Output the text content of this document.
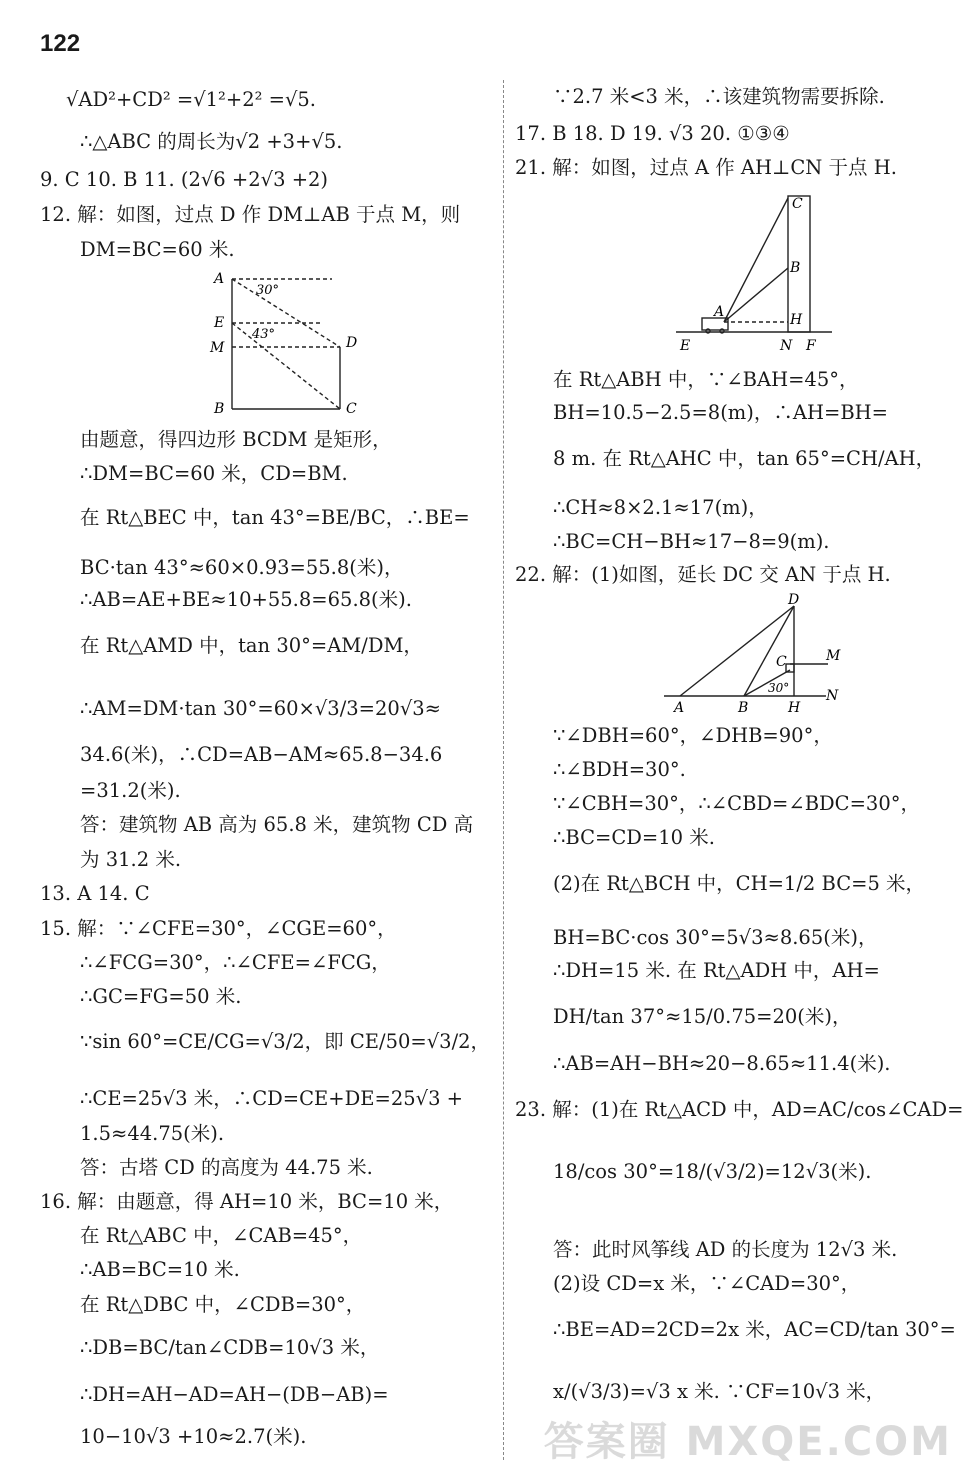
122
√AD²+CD² =√1²+2² =√5.
∴△ABC 的周长为√2 +3+√5.
9. C 10. B 11. (2√6 +2√3 +2)
12. 解：如图，过点 D 作 DM⊥AB 于点 M，则
DM=BC=60 米.
由题意，得四边形 BCDM 是矩形，
∴DM=BC=60 米，CD=BM.
在 Rt△BEC 中，tan 43°=BE/BC，∴BE=
BC·tan 43°≈60×0.93=55.8(米)，
∴AB=AE+BE≈10+55.8=65.8(米).
在 Rt△AMD 中，tan 30°=AM/DM，
∴AM=DM·tan 30°=60×√3/3=20√3≈
34.6(米)，∴CD=AB−AM≈65.8−34.6
=31.2(米).
答：建筑物 AB 高为 65.8 米，建筑物 CD 高
为 31.2 米.
13. A 14. C
15. 解：∵∠CFE=30°，∠CGE=60°，
∴∠FCG=30°，∴∠CFE=∠FCG，
∴GC=FG=50 米.
∵sin 60°=CE/CG=√3/2，即 CE/50=√3/2，
∴CE=25√3 米，∴CD=CE+DE=25√3 +
1.5≈44.75(米).
答：古塔 CD 的高度为 44.75 米.
16. 解：由题意，得 AH=10 米，BC=10 米，
在 Rt△ABC 中，∠CAB=45°，
∴AB=BC=10 米.
在 Rt△DBC 中，∠CDB=30°，
∴DB=BC/tan∠CDB=10√3 米，
∴DH=AH−AD=AH−(DB−AB)=
10−10√3 +10≈2.7(米).
∵2.7 米<3 米，∴该建筑物需要拆除.
17. B 18. D 19. √3 20. ①③④
21. 解：如图，过点 A 作 AH⊥CN 于点 H.
在 Rt△ABH 中，∵∠BAH=45°，
BH=10.5−2.5=8(m)，∴AH=BH=
8 m. 在 Rt△AHC 中，tan 65°=CH/AH，
∴CH≈8×2.1≈17(m)，
∴BC=CH−BH≈17−8=9(m).
22. 解：(1)如图，延长 DC 交 AN 于点 H.
∵∠DBH=60°，∠DHB=90°，
∴∠BDH=30°.
∵∠CBH=30°，∴∠CBD=∠BDC=30°，
∴BC=CD=10 米.
(2)在 Rt△BCH 中，CH=1/2 BC=5 米，
BH=BC·cos 30°=5√3≈8.65(米)，
∴DH=15 米. 在 Rt△ADH 中，AH=
DH/tan 37°≈15/0.75=20(米)，
∴AB=AH−BH≈20−8.65≈11.4(米).
23. 解：(1)在 Rt△ACD 中，AD=AC/cos∠CAD=
18/cos 30°=18/(√3/2)=12√3(米).
答：此时风筝线 AD 的长度为 12√3 米.
(2)设 CD=x 米，∵∠CAD=30°，
∴BE=AD=2CD=2x 米，AC=CD/tan 30°=
x/(√3/3)=√3 x 米. ∵CF=10√3 米，
A
E
M
B	C
D
30°
43°
C
B
A	H
E	N F
D
C	M
A	B	H
N
30°
答案圈 MXQE.COM
